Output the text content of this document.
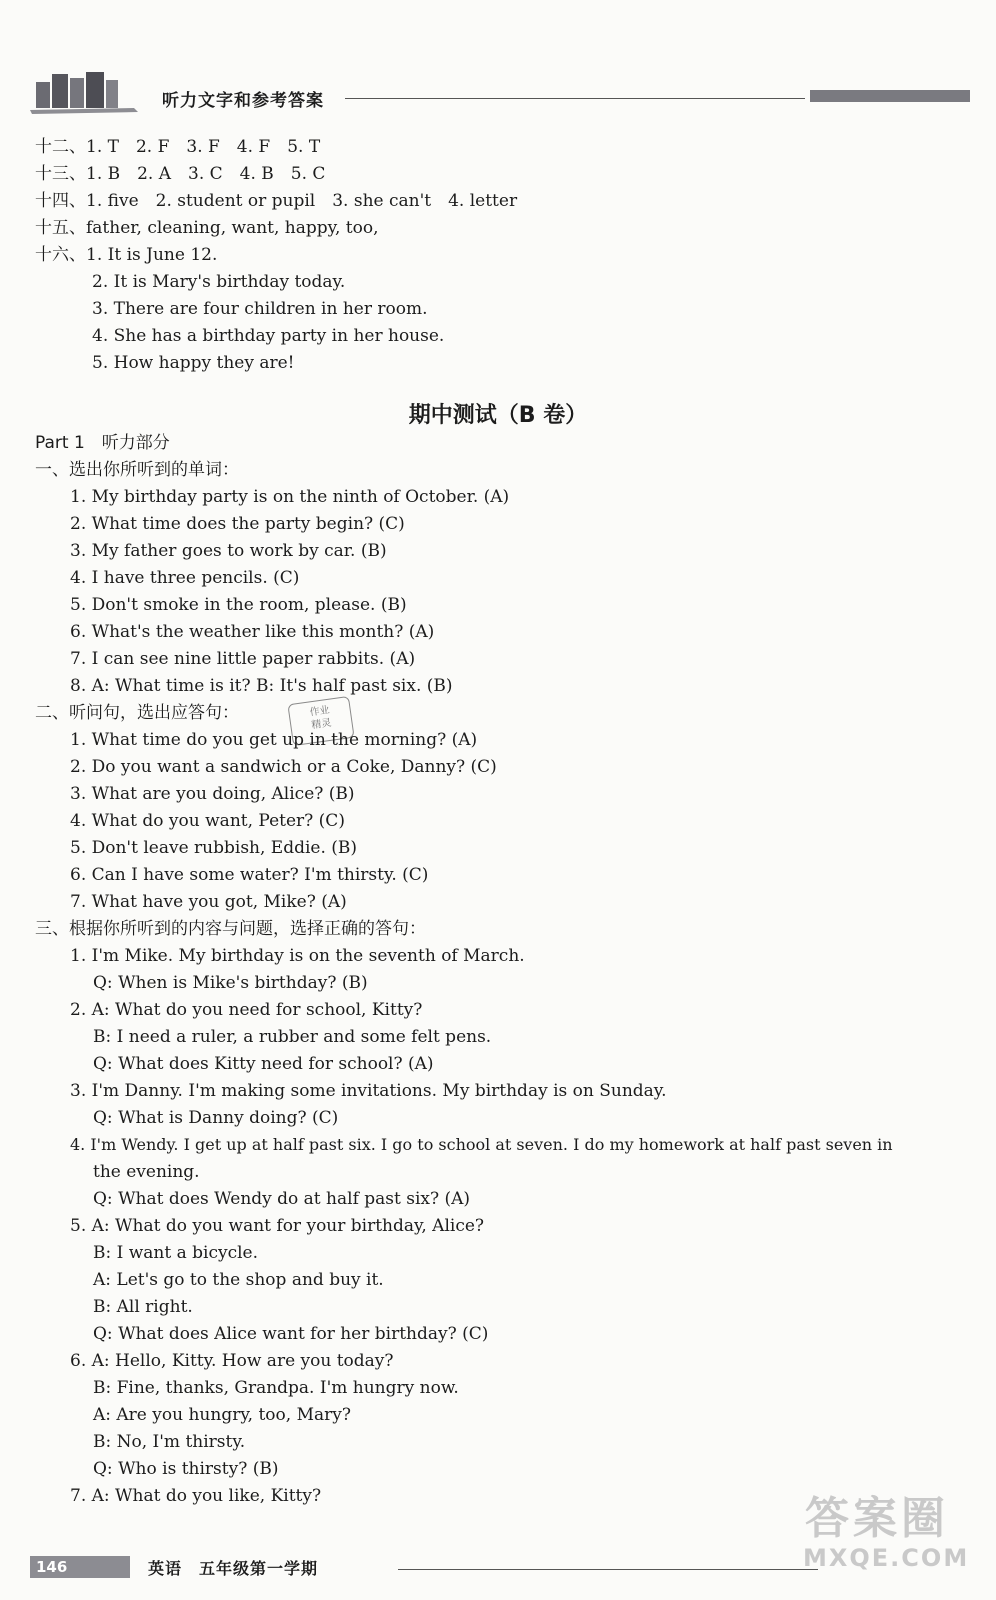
听力文字和参考答案
十二、1. T　2. F　3. F　4. F　5. T
十三、1. B　2. A　3. C　4. B　5. C
十四、1. five　2. student or pupil　3. she can't　4. letter
十五、father, cleaning, want, happy, too,
十六、1. It is June 12.
2. It is Mary's birthday today.
3. There are four children in her room.
4. She has a birthday party in her house.
5. How happy they are!
期中测试（B 卷）
Part 1　听力部分
一、选出你所听到的单词：
1. My birthday party is on the ninth of October. (A)
2. What time does the party begin? (C)
3. My father goes to work by car. (B)
4. I have three pencils. (C)
5. Don't smoke in the room, please. (B)
6. What's the weather like this month? (A)
7. I can see nine little paper rabbits. (A)
8. A: What time is it? B: It's half past six. (B)
二、听问句，选出应答句：	作业
精灵
1. What time do you get up in the morning? (A)
2. Do you want a sandwich or a Coke, Danny? (C)
3. What are you doing, Alice? (B)
4. What do you want, Peter? (C)
5. Don't leave rubbish, Eddie. (B)
6. Can I have some water? I'm thirsty. (C)
7. What have you got, Mike? (A)
三、根据你所听到的内容与问题，选择正确的答句：
1. I'm Mike. My birthday is on the seventh of March.
Q: When is Mike's birthday? (B)
2. A: What do you need for school, Kitty?
B: I need a ruler, a rubber and some felt pens.
Q: What does Kitty need for school? (A)
3. I'm Danny. I'm making some invitations. My birthday is on Sunday.
Q: What is Danny doing? (C)
4. I'm Wendy. I get up at half past six. I go to school at seven. I do my homework at half past seven in
the evening.
Q: What does Wendy do at half past six? (A)
5. A: What do you want for your birthday, Alice?
B: I want a bicycle.
A: Let's go to the shop and buy it.
B: All right.
Q: What does Alice want for her birthday? (C)
6. A: Hello, Kitty. How are you today?
B: Fine, thanks, Grandpa. I'm hungry now.
A: Are you hungry, too, Mary?
B: No, I'm thirsty.
Q: Who is thirsty? (B)
7. A: What do you like, Kitty?	答案圈
MXQE.COM
146	英语　五年级第一学期
